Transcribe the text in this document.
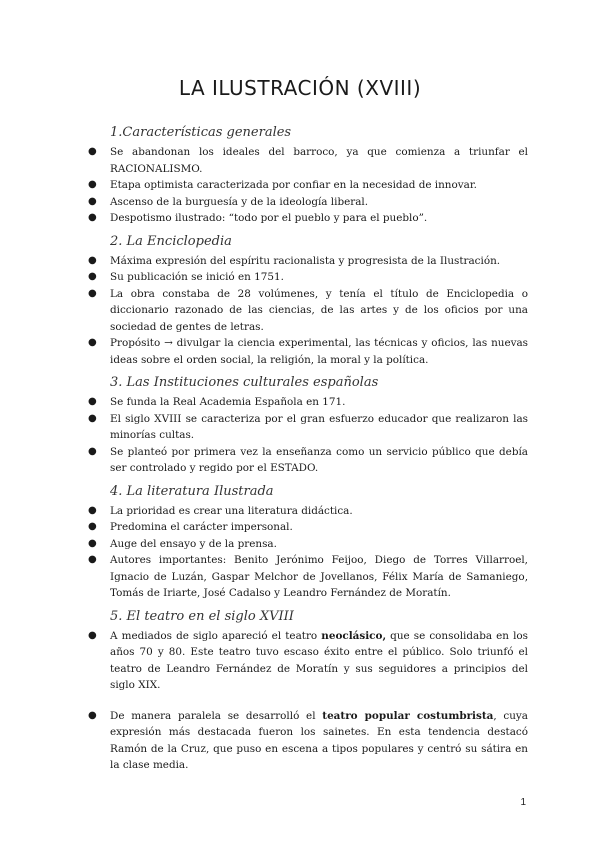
LA ILUSTRACIÓN (XVIII)
1.Características generales
● Se abandonan los ideales del barroco, ya que comienza a triunfar el RACIONALISMO.
● Etapa optimista caracterizada por confiar en la necesidad de innovar.
● Ascenso de la burguesía y de la ideología liberal.
● Despotismo ilustrado: “todo por el pueblo y para el pueblo”.
2. La Enciclopedia
● Máxima expresión del espíritu racionalista y progresista de la Ilustración.
● Su publicación se inició en 1751.
● La obra constaba de 28 volúmenes, y tenía el título de Enciclopedia o diccionario razonado de las ciencias, de las artes y de los oficios por una sociedad de gentes de letras.
● Propósito → divulgar la ciencia experimental, las técnicas y oficios, las nuevas ideas sobre el orden social, la religión, la moral y la política.
3. Las Instituciones culturales españolas
● Se funda la Real Academia Española en 171.
● El siglo XVIII se caracteriza por el gran esfuerzo educador que realizaron las minorías cultas.
● Se planteó por primera vez la enseñanza como un servicio público que debía ser controlado y regido por el ESTADO.
4. La literatura Ilustrada
● La prioridad es crear una literatura didáctica.
● Predomina el carácter impersonal.
● Auge del ensayo y de la prensa.
● Autores importantes: Benito Jerónimo Feijoo, Diego de Torres Villarroel, Ignacio de Luzán, Gaspar Melchor de Jovellanos, Félix María de Samaniego, Tomás de Iriarte, José Cadalso y Leandro Fernández de Moratín.
5. El teatro en el siglo XVIII
● A mediados de siglo apareció el teatro neoclásico, que se consolidaba en los años 70 y 80. Este teatro tuvo escaso éxito entre el público. Solo triunfó el teatro de Leandro Fernández de Moratín y sus seguidores a principios del siglo XIX.
● De manera paralela se desarrolló el teatro popular costumbrista, cuya expresión más destacada fueron los sainetes. En esta tendencia destacó Ramón de la Cruz, que puso en escena a tipos populares y centró su sátira en la clase media.
1
